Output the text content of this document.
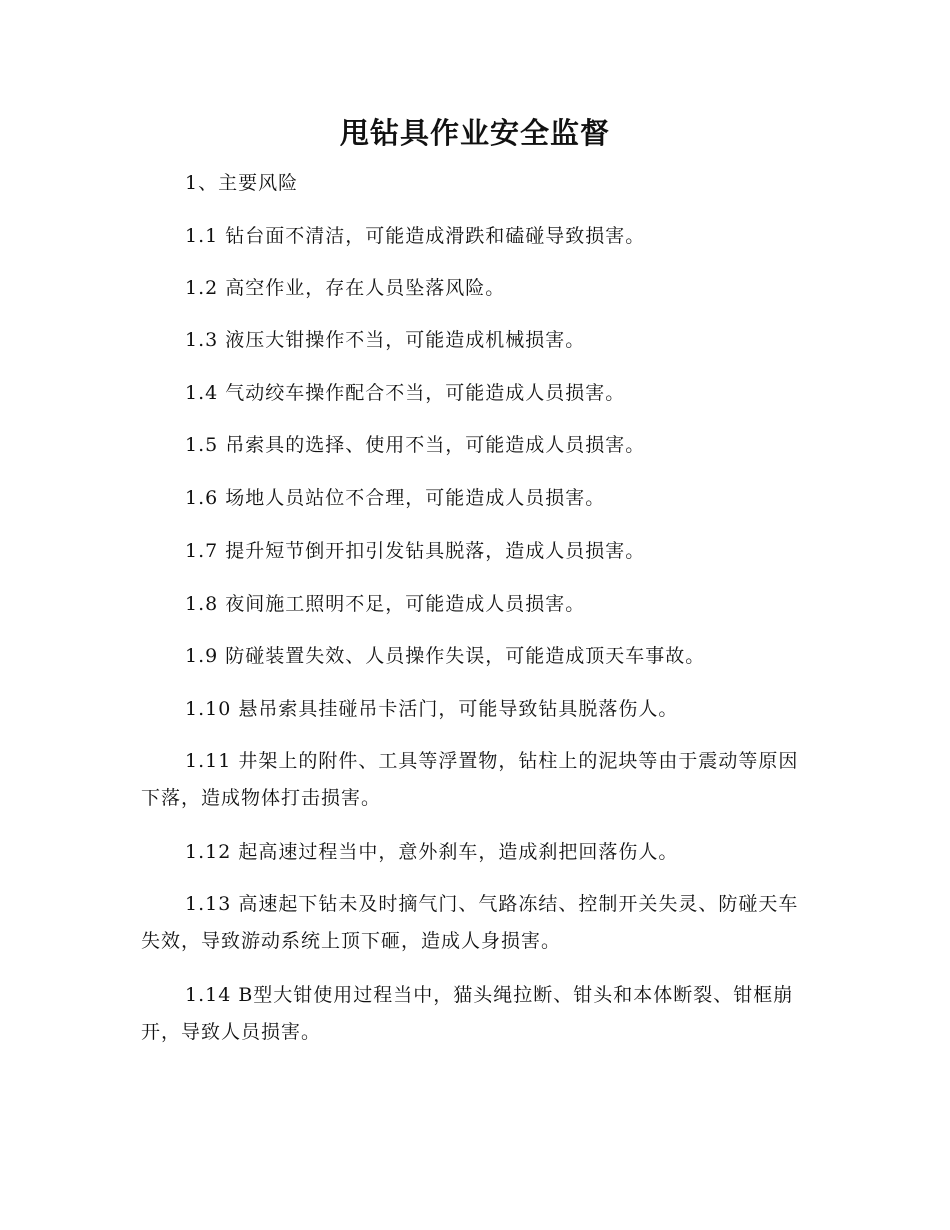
甩钻具作业安全监督

1、主要风险

1.1 钻台面不清洁，可能造成滑跌和磕碰导致损害。

1.2 高空作业，存在人员坠落风险。

1.3 液压大钳操作不当，可能造成机械损害。

1.4 气动绞车操作配合不当，可能造成人员损害。

1.5 吊索具的选择、使用不当，可能造成人员损害。

1.6 场地人员站位不合理，可能造成人员损害。

1.7 提升短节倒开扣引发钻具脱落，造成人员损害。

1.8 夜间施工照明不足，可能造成人员损害。

1.9 防碰装置失效、人员操作失误，可能造成顶天车事故。

1.10 悬吊索具挂碰吊卡活门，可能导致钻具脱落伤人。

1.11 井架上的附件、工具等浮置物，钻柱上的泥块等由于震动等原因下落，造成物体打击损害。

1.12 起高速过程当中，意外刹车，造成刹把回落伤人。

1.13 高速起下钻未及时摘气门、气路冻结、控制开关失灵、防碰天车失效，导致游动系统上顶下砸，造成人身损害。

1.14 B型大钳使用过程当中，猫头绳拉断、钳头和本体断裂、钳框崩开，导致人员损害。
